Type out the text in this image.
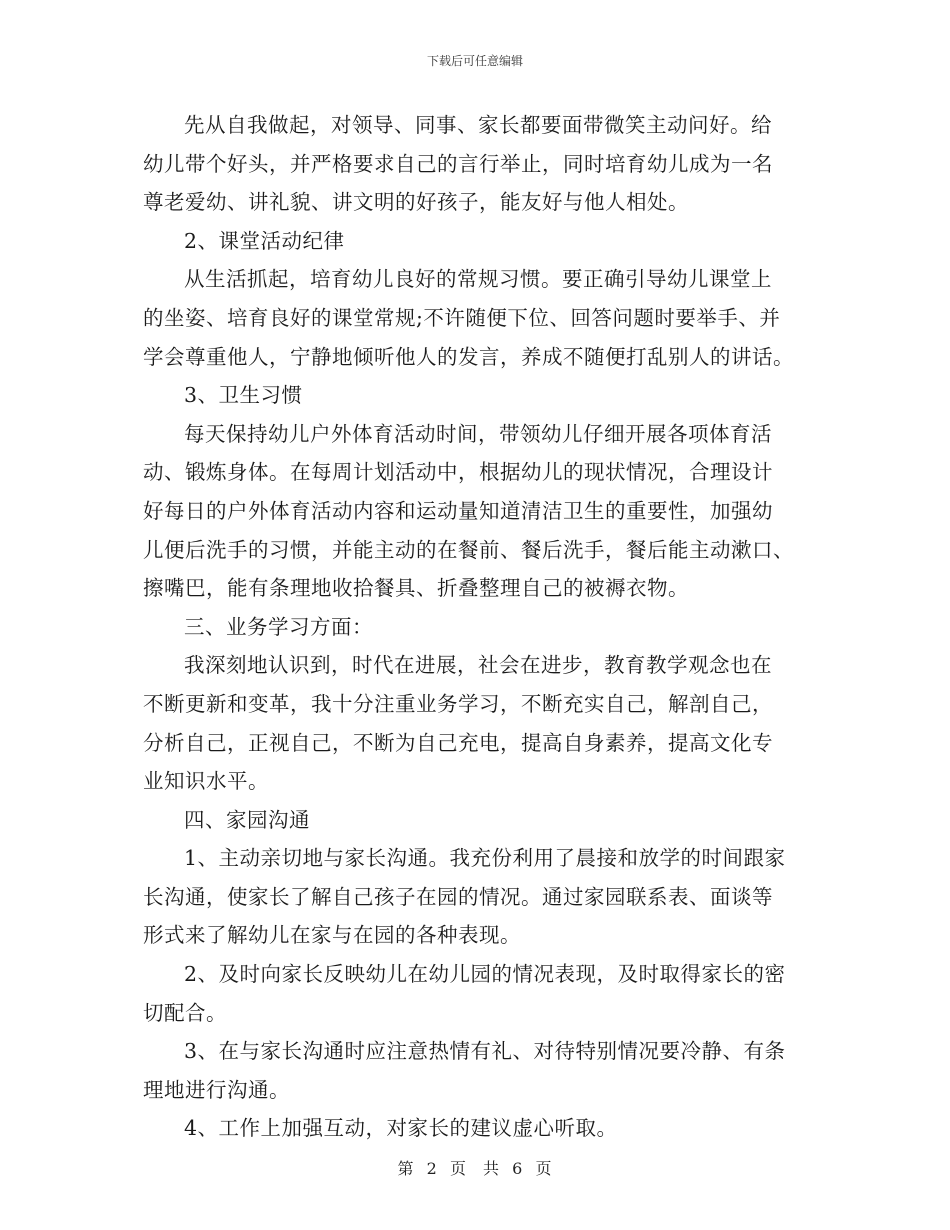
下载后可任意编辑

先从自我做起，对领导、同事、家长都要面带微笑主动问好。给
幼儿带个好头，并严格要求自己的言行举止，同时培育幼儿成为一名
尊老爱幼、讲礼貌、讲文明的好孩子，能友好与他人相处。

2、课堂活动纪律

从生活抓起，培育幼儿良好的常规习惯。要正确引导幼儿课堂上
的坐姿、培育良好的课堂常规;不许随便下位、回答问题时要举手、并
学会尊重他人，宁静地倾听他人的发言，养成不随便打乱别人的讲话。

3、卫生习惯

每天保持幼儿户外体育活动时间，带领幼儿仔细开展各项体育活
动、锻炼身体。在每周计划活动中，根据幼儿的现状情况，合理设计
好每日的户外体育活动内容和运动量知道清洁卫生的重要性，加强幼
儿便后洗手的习惯，并能主动的在餐前、餐后洗手，餐后能主动漱口、
擦嘴巴，能有条理地收拾餐具、折叠整理自己的被褥衣物。

三、业务学习方面：

我深刻地认识到，时代在进展，社会在进步，教育教学观念也在
不断更新和变革，我十分注重业务学习，不断充实自己，解剖自己，
分析自己，正视自己，不断为自己充电，提高自身素养，提高文化专
业知识水平。

四、家园沟通

1、主动亲切地与家长沟通。我充份利用了晨接和放学的时间跟家
长沟通，使家长了解自己孩子在园的情况。通过家园联系表、面谈等
形式来了解幼儿在家与在园的各种表现。

2、及时向家长反映幼儿在幼儿园的情况表现，及时取得家长的密
切配合。

3、在与家长沟通时应注意热情有礼、对待特别情况要冷静、有条
理地进行沟通。

4、工作上加强互动，对家长的建议虚心听取。

第 2 页 共 6 页
